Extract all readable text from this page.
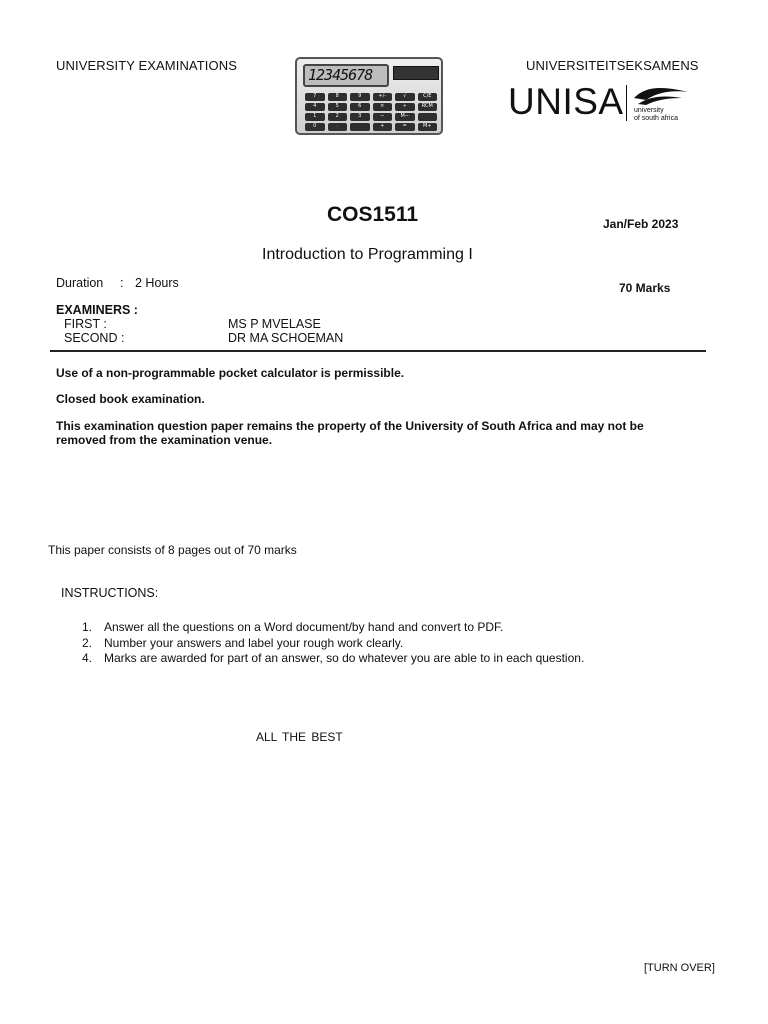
UNIVERSITY EXAMINATIONS	UNIVERSITEITSEKSAMENS
12345678
7	8	9	+/-	√	C/E
4	5	6	×	÷	RCM
1	2	3	−	M−
0	.	+	=	M+
UNISA university
of south africa
COS1511	Jan/Feb 2023
Introduction to Programming I
Duration : 2 Hours	70 Marks
EXAMINERS :
FIRST :	MS P MVELASE
SECOND :	DR MA SCHOEMAN
Use of a non-programmable pocket calculator is permissible.
Closed book examination.
This examination question paper remains the property of the University of South Africa and may not be removed from the examination venue.
This paper consists of 8 pages out of 70 marks
INSTRUCTIONS:
1. Answer all the questions on a Word document/by hand and convert to PDF.
2. Number your answers and label your rough work clearly.
4. Marks are awarded for part of an answer, so do whatever you are able to in each question.
ALL THE BEST
[TURN OVER]
